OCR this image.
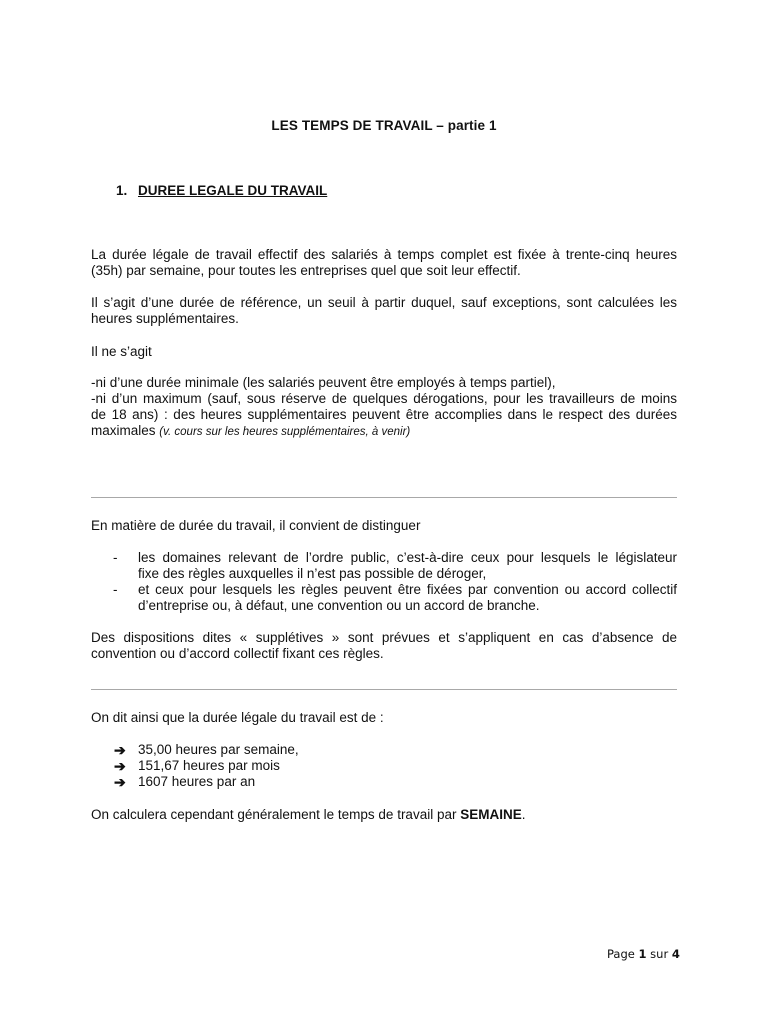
LES TEMPS DE TRAVAIL – partie 1
1. DUREE LEGALE DU TRAVAIL
La durée légale de travail effectif des salariés à temps complet est fixée à trente-cinq heures
(35h) par semaine, pour toutes les entreprises quel que soit leur effectif.
Il s’agit d’une durée de référence, un seuil à partir duquel, sauf exceptions, sont calculées les
heures supplémentaires.
Il ne s’agit
-ni d’une durée minimale (les salariés peuvent être employés à temps partiel),
-ni d’un maximum (sauf, sous réserve de quelques dérogations, pour les travailleurs de moins
de 18 ans) : des heures supplémentaires peuvent être accomplies dans le respect des durées
maximales (v. cours sur les heures supplémentaires, à venir)
En matière de durée du travail, il convient de distinguer
-	les domaines relevant de l’ordre public, c’est-à-dire ceux pour lesquels le législateur
fixe des règles auxquelles il n’est pas possible de déroger,
-	et ceux pour lesquels les règles peuvent être fixées par convention ou accord collectif
d’entreprise ou, à défaut, une convention ou un accord de branche.
Des dispositions dites « supplétives » sont prévues et s’appliquent en cas d’absence de
convention ou d’accord collectif fixant ces règles.
On dit ainsi que la durée légale du travail est de :
➔ 35,00 heures par semaine,
➔ 151,67 heures par mois
➔ 1607 heures par an
On calculera cependant généralement le temps de travail par SEMAINE.
Page 1 sur 4
